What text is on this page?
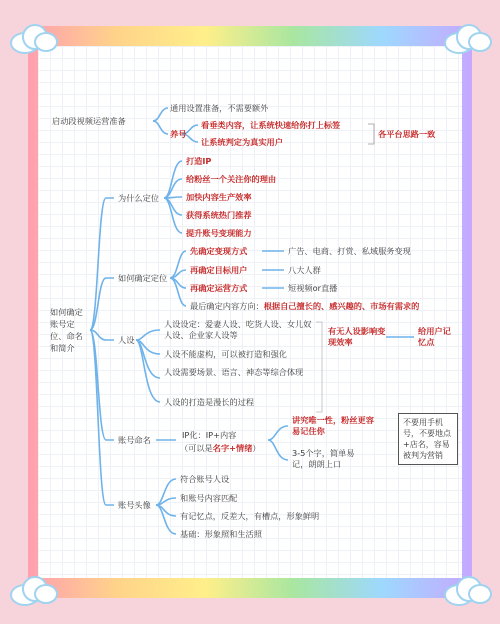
如何确定账号定位、命名和简介
启动段视频运营准备
通用设置准备，不需要额外
养号
看垂类内容，让系统快速给你打上标签
让系统判定为真实用户
各平台思路一致
为什么定位
打造IP
给粉丝一个关注你的理由
加快内容生产效率
获得系统热门推荐
提升账号变现能力
如何确定定位
先确定变现方式	广告、电商、打赏、私域服务变现
再确定目标用户	八大人群
再确定运营方式	短视频or直播
最后确定内容方向：根据自己擅长的、感兴趣的、市场有需求的
人设
人设设定：爱妻人设、吃货人设、女儿奴人设、企业家人设等
人设不能虚构，可以被打造和强化
人设需要场景、语言、神态等综合体现
人设的打造是漫长的过程
有无人设影响变现效率
给用户记忆点
账号命名	IP化：IP+内容
（可以是名字+情绪）
讲究唯一性，粉丝更容易记住你
3-5个字，简单易记，朗朗上口
不要用手机号，不要地点+店名，容易被判为营销
账号头像
符合账号人设
和账号内容匹配
有记忆点，反差大，有槽点，形象鲜明
基础：形象照和生活照
